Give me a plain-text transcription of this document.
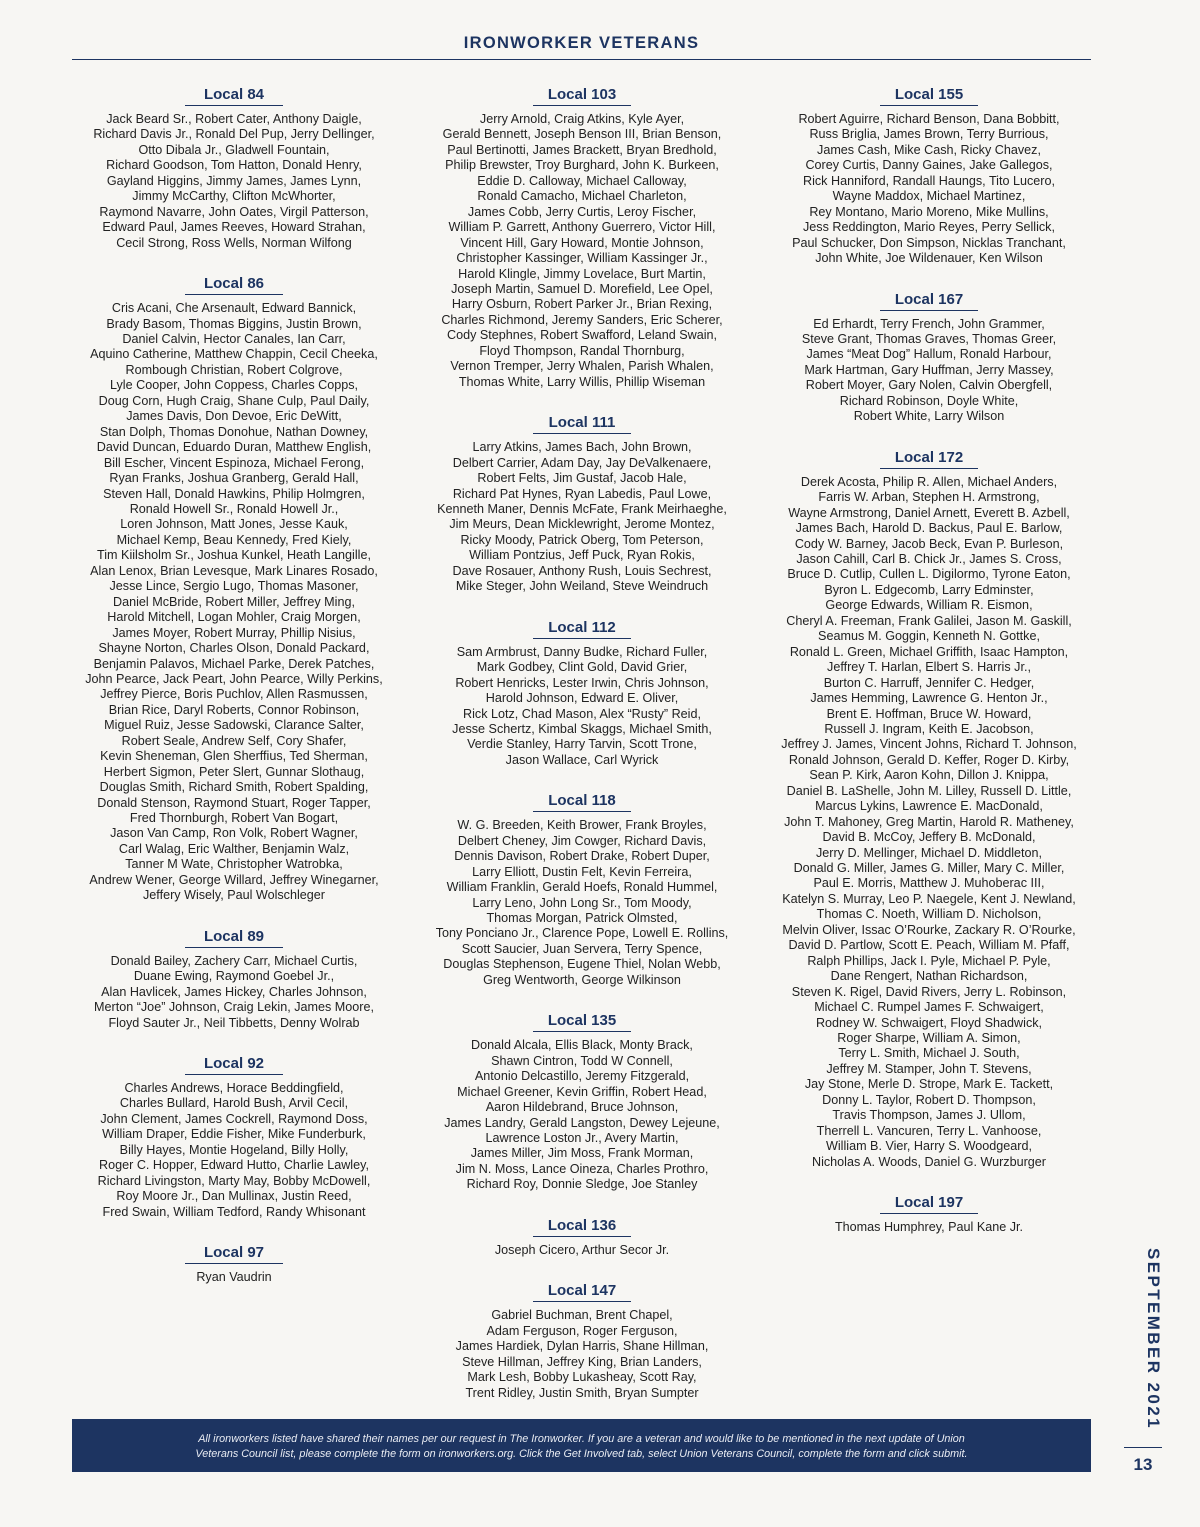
IRONWORKER VETERANS
Local 84
Jack Beard Sr., Robert Cater, Anthony Daigle,
Richard Davis Jr., Ronald Del Pup, Jerry Dellinger,
Otto Dibala Jr., Gladwell Fountain,
Richard Goodson, Tom Hatton, Donald Henry,
Gayland Higgins, Jimmy James, James Lynn,
Jimmy McCarthy, Clifton McWhorter,
Raymond Navarre, John Oates, Virgil Patterson,
Edward Paul, James Reeves, Howard Strahan,
Cecil Strong, Ross Wells, Norman Wilfong
Local 86
Cris Acani, Che Arsenault, Edward Bannick,
Brady Basom, Thomas Biggins, Justin Brown,
Daniel Calvin, Hector Canales, Ian Carr,
Aquino Catherine, Matthew Chappin, Cecil Cheeka,
Rombough Christian, Robert Colgrove,
Lyle Cooper, John Coppess, Charles Copps,
Doug Corn, Hugh Craig, Shane Culp, Paul Daily,
James Davis, Don Devoe, Eric DeWitt,
Stan Dolph, Thomas Donohue, Nathan Downey,
David Duncan, Eduardo Duran, Matthew English,
Bill Escher, Vincent Espinoza, Michael Ferong,
Ryan Franks, Joshua Granberg, Gerald Hall,
Steven Hall, Donald Hawkins, Philip Holmgren,
Ronald Howell Sr., Ronald Howell Jr.,
Loren Johnson, Matt Jones, Jesse Kauk,
Michael Kemp, Beau Kennedy, Fred Kiely,
Tim Kiilsholm Sr., Joshua Kunkel, Heath Langille,
Alan Lenox, Brian Levesque, Mark Linares Rosado,
Jesse Lince, Sergio Lugo, Thomas Masoner,
Daniel McBride, Robert Miller, Jeffrey Ming,
Harold Mitchell, Logan Mohler, Craig Morgen,
James Moyer, Robert Murray, Phillip Nisius,
Shayne Norton, Charles Olson, Donald Packard,
Benjamin Palavos, Michael Parke, Derek Patches,
John Pearce, Jack Peart, John Pearce, Willy Perkins,
Jeffrey Pierce, Boris Puchlov, Allen Rasmussen,
Brian Rice, Daryl Roberts, Connor Robinson,
Miguel Ruiz, Jesse Sadowski, Clarance Salter,
Robert Seale, Andrew Self, Cory Shafer,
Kevin Sheneman, Glen Sherffius, Ted Sherman,
Herbert Sigmon, Peter Slert, Gunnar Slothaug,
Douglas Smith, Richard Smith, Robert Spalding,
Donald Stenson, Raymond Stuart, Roger Tapper,
Fred Thornburgh, Robert Van Bogart,
Jason Van Camp, Ron Volk, Robert Wagner,
Carl Walag, Eric Walther, Benjamin Walz,
Tanner M Wate, Christopher Watrobka,
Andrew Wener, George Willard, Jeffrey Winegarner,
Jeffery Wisely, Paul Wolschleger
Local 89
Donald Bailey, Zachery Carr, Michael Curtis,
Duane Ewing, Raymond Goebel Jr.,
Alan Havlicek, James Hickey, Charles Johnson,
Merton “Joe” Johnson, Craig Lekin, James Moore,
Floyd Sauter Jr., Neil Tibbetts, Denny Wolrab
Local 92
Charles Andrews, Horace Beddingfield,
Charles Bullard, Harold Bush, Arvil Cecil,
John Clement, James Cockrell, Raymond Doss,
William Draper, Eddie Fisher, Mike Funderburk,
Billy Hayes, Montie Hogeland, Billy Holly,
Roger C. Hopper, Edward Hutto, Charlie Lawley,
Richard Livingston, Marty May, Bobby McDowell,
Roy Moore Jr., Dan Mullinax, Justin Reed,
Fred Swain, William Tedford, Randy Whisonant
Local 97
Ryan Vaudrin
Local 103
Jerry Arnold, Craig Atkins, Kyle Ayer,
Gerald Bennett, Joseph Benson III, Brian Benson,
Paul Bertinotti, James Brackett, Bryan Bredhold,
Philip Brewster, Troy Burghard, John K. Burkeen,
Eddie D. Calloway, Michael Calloway,
Ronald Camacho, Michael Charleton,
James Cobb, Jerry Curtis, Leroy Fischer,
William P. Garrett, Anthony Guerrero, Victor Hill,
Vincent Hill, Gary Howard, Montie Johnson,
Christopher Kassinger, William Kassinger Jr.,
Harold Klingle, Jimmy Lovelace, Burt Martin,
Joseph Martin, Samuel D. Morefield, Lee Opel,
Harry Osburn, Robert Parker Jr., Brian Rexing,
Charles Richmond, Jeremy Sanders, Eric Scherer,
Cody Stephnes, Robert Swafford, Leland Swain,
Floyd Thompson, Randal Thornburg,
Vernon Tremper, Jerry Whalen, Parish Whalen,
Thomas White, Larry Willis, Phillip Wiseman
Local 111
Larry Atkins, James Bach, John Brown,
Delbert Carrier, Adam Day, Jay DeValkenaere,
Robert Felts, Jim Gustaf, Jacob Hale,
Richard Pat Hynes, Ryan Labedis, Paul Lowe,
Kenneth Maner, Dennis McFate, Frank Meirhaeghe,
Jim Meurs, Dean Micklewright, Jerome Montez,
Ricky Moody, Patrick Oberg, Tom Peterson,
William Pontzius, Jeff Puck, Ryan Rokis,
Dave Rosauer, Anthony Rush, Louis Sechrest,
Mike Steger, John Weiland, Steve Weindruch
Local 112
Sam Armbrust, Danny Budke, Richard Fuller,
Mark Godbey, Clint Gold, David Grier,
Robert Henricks, Lester Irwin, Chris Johnson,
Harold Johnson, Edward E. Oliver,
Rick Lotz, Chad Mason, Alex “Rusty” Reid,
Jesse Schertz, Kimbal Skaggs, Michael Smith,
Verdie Stanley, Harry Tarvin, Scott Trone,
Jason Wallace, Carl Wyrick
Local 118
W. G. Breeden, Keith Brower, Frank Broyles,
Delbert Cheney, Jim Cowger, Richard Davis,
Dennis Davison, Robert Drake, Robert Duper,
Larry Elliott, Dustin Felt, Kevin Ferreira,
William Franklin, Gerald Hoefs, Ronald Hummel,
Larry Leno, John Long Sr., Tom Moody,
Thomas Morgan, Patrick Olmsted,
Tony Ponciano Jr., Clarence Pope, Lowell E. Rollins,
Scott Saucier, Juan Servera, Terry Spence,
Douglas Stephenson, Eugene Thiel, Nolan Webb,
Greg Wentworth, George Wilkinson
Local 135
Donald Alcala, Ellis Black, Monty Brack,
Shawn Cintron, Todd W Connell,
Antonio Delcastillo, Jeremy Fitzgerald,
Michael Greener, Kevin Griffin, Robert Head,
Aaron Hildebrand, Bruce Johnson,
James Landry, Gerald Langston, Dewey Lejeune,
Lawrence Loston Jr., Avery Martin,
James Miller, Jim Moss, Frank Morman,
Jim N. Moss, Lance Oineza, Charles Prothro,
Richard Roy, Donnie Sledge, Joe Stanley
Local 136
Joseph Cicero, Arthur Secor Jr.
Local 147
Gabriel Buchman, Brent Chapel,
Adam Ferguson, Roger Ferguson,
James Hardiek, Dylan Harris, Shane Hillman,
Steve Hillman, Jeffrey King, Brian Landers,
Mark Lesh, Bobby Lukasheay, Scott Ray,
Trent Ridley, Justin Smith, Bryan Sumpter
Local 155
Robert Aguirre, Richard Benson, Dana Bobbitt,
Russ Briglia, James Brown, Terry Burrious,
James Cash, Mike Cash, Ricky Chavez,
Corey Curtis, Danny Gaines, Jake Gallegos,
Rick Hanniford, Randall Haungs, Tito Lucero,
Wayne Maddox, Michael Martinez,
Rey Montano, Mario Moreno, Mike Mullins,
Jess Reddington, Mario Reyes, Perry Sellick,
Paul Schucker, Don Simpson, Nicklas Tranchant,
John White, Joe Wildenauer, Ken Wilson
Local 167
Ed Erhardt, Terry French, John Grammer,
Steve Grant, Thomas Graves, Thomas Greer,
James “Meat Dog” Hallum, Ronald Harbour,
Mark Hartman, Gary Huffman, Jerry Massey,
Robert Moyer, Gary Nolen, Calvin Obergfell,
Richard Robinson, Doyle White,
Robert White, Larry Wilson
Local 172
Derek Acosta, Philip R. Allen, Michael Anders,
Farris W. Arban, Stephen H. Armstrong,
Wayne Armstrong, Daniel Arnett, Everett B. Azbell,
James Bach, Harold D. Backus, Paul E. Barlow,
Cody W. Barney, Jacob Beck, Evan P. Burleson,
Jason Cahill, Carl B. Chick Jr., James S. Cross,
Bruce D. Cutlip, Cullen L. Digilormo, Tyrone Eaton,
Byron L. Edgecomb, Larry Edminster,
George Edwards, William R. Eismon,
Cheryl A. Freeman, Frank Galilei, Jason M. Gaskill,
Seamus M. Goggin, Kenneth N. Gottke,
Ronald L. Green, Michael Griffith, Isaac Hampton,
Jeffrey T. Harlan, Elbert S. Harris Jr.,
Burton C. Harruff, Jennifer C. Hedger,
James Hemming, Lawrence G. Henton Jr.,
Brent E. Hoffman, Bruce W. Howard,
Russell J. Ingram, Keith E. Jacobson,
Jeffrey J. James, Vincent Johns, Richard T. Johnson,
Ronald Johnson, Gerald D. Keffer, Roger D. Kirby,
Sean P. Kirk, Aaron Kohn, Dillon J. Knippa,
Daniel B. LaShelle, John M. Lilley, Russell D. Little,
Marcus Lykins, Lawrence E. MacDonald,
John T. Mahoney, Greg Martin, Harold R. Matheney,
David B. McCoy, Jeffery B. McDonald,
Jerry D. Mellinger, Michael D. Middleton,
Donald G. Miller, James G. Miller, Mary C. Miller,
Paul E. Morris, Matthew J. Muhoberac III,
Katelyn S. Murray, Leo P. Naegele, Kent J. Newland,
Thomas C. Noeth, William D. Nicholson,
Melvin Oliver, Issac O’Rourke, Zackary R. O’Rourke,
David D. Partlow, Scott E. Peach, William M. Pfaff,
Ralph Phillips, Jack I. Pyle, Michael P. Pyle,
Dane Rengert, Nathan Richardson,
Steven K. Rigel, David Rivers, Jerry L. Robinson,
Michael C. Rumpel James F. Schwaigert,
Rodney W. Schwaigert, Floyd Shadwick,
Roger Sharpe, William A. Simon,
Terry L. Smith, Michael J. South,
Jeffrey M. Stamper, John T. Stevens,
Jay Stone, Merle D. Strope, Mark E. Tackett,
Donny L. Taylor, Robert D. Thompson,
Travis Thompson, James J. Ullom,
Therrell L. Vancuren, Terry L. Vanhoose,
William B. Vier, Harry S. Woodgeard,
Nicholas A. Woods, Daniel G. Wurzburger
Local 197
Thomas Humphrey, Paul Kane Jr.
All ironworkers listed have shared their names per our request in The Ironworker. If you are a veteran and would like to be mentioned in the next update of Union
Veterans Council list, please complete the form on ironworkers.org. Click the Get Involved tab, select Union Veterans Council, complete the form and click submit.
SEPTEMBER 2021
13
